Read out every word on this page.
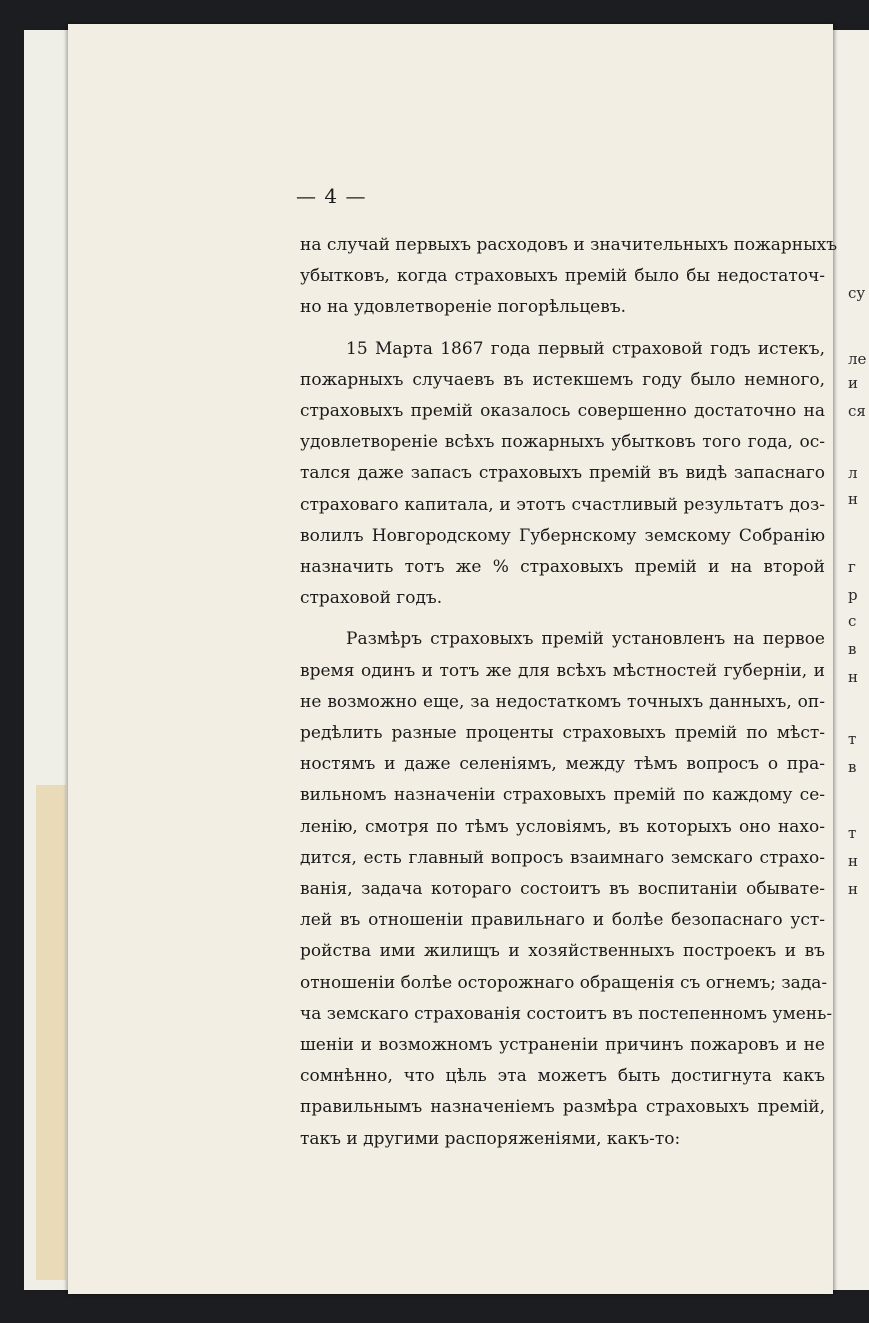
су
ле
и
ся
л
н
г
р
с
в
н
т
в
т
н
н
— 4 —

на случай первыхъ расходовъ и значительныхъ пожарныхъ
убытковъ, когда страховыхъ премій было бы недостаточ-
но на удовлетвореніе погорѣльцевъ.

15 Марта 1867 года первый страховой годъ истекъ,
пожарныхъ случаевъ въ истекшемъ году было немного,
страховыхъ премій оказалось совершенно достаточно на
удовлетвореніе всѣхъ пожарныхъ убытковъ того года, ос-
тался даже запасъ страховыхъ премій въ видѣ запаснаго
страховаго капитала, и этотъ счастливый результатъ доз-
волилъ Новгородскому Губернскому земскому Собранію
назначить тотъ же % страховыхъ премій и на второй
страховой годъ.

Размѣръ страховыхъ премій установленъ на первое
время одинъ и тотъ же для всѣхъ мѣстностей губерніи, и
не возможно еще, за недостаткомъ точныхъ данныхъ, оп-
редѣлить разные проценты страховыхъ премій по мѣст-
ностямъ и даже селеніямъ, между тѣмъ вопросъ о пра-
вильномъ назначеніи страховыхъ премій по каждому се-
ленію, смотря по тѣмъ условіямъ, въ которыхъ оно нахо-
дится, есть главный вопросъ взаимнаго земскаго страхо-
ванія, задача котораго состоитъ въ воспитаніи обывате-
лей въ отношеніи правильнаго и болѣе безопаснаго уст-
ройства ими жилищъ и хозяйственныхъ построекъ и въ
отношеніи болѣе осторожнаго обращенія съ огнемъ; зада-
ча земскаго страхованія состоитъ въ постепенномъ умень-
шеніи и возможномъ устраненіи причинъ пожаровъ и не
сомнѣнно, что цѣль эта можетъ быть достигнута какъ
правильнымъ назначеніемъ размѣра страховыхъ премій,
такъ и другими распоряженіями, какъ-то:
